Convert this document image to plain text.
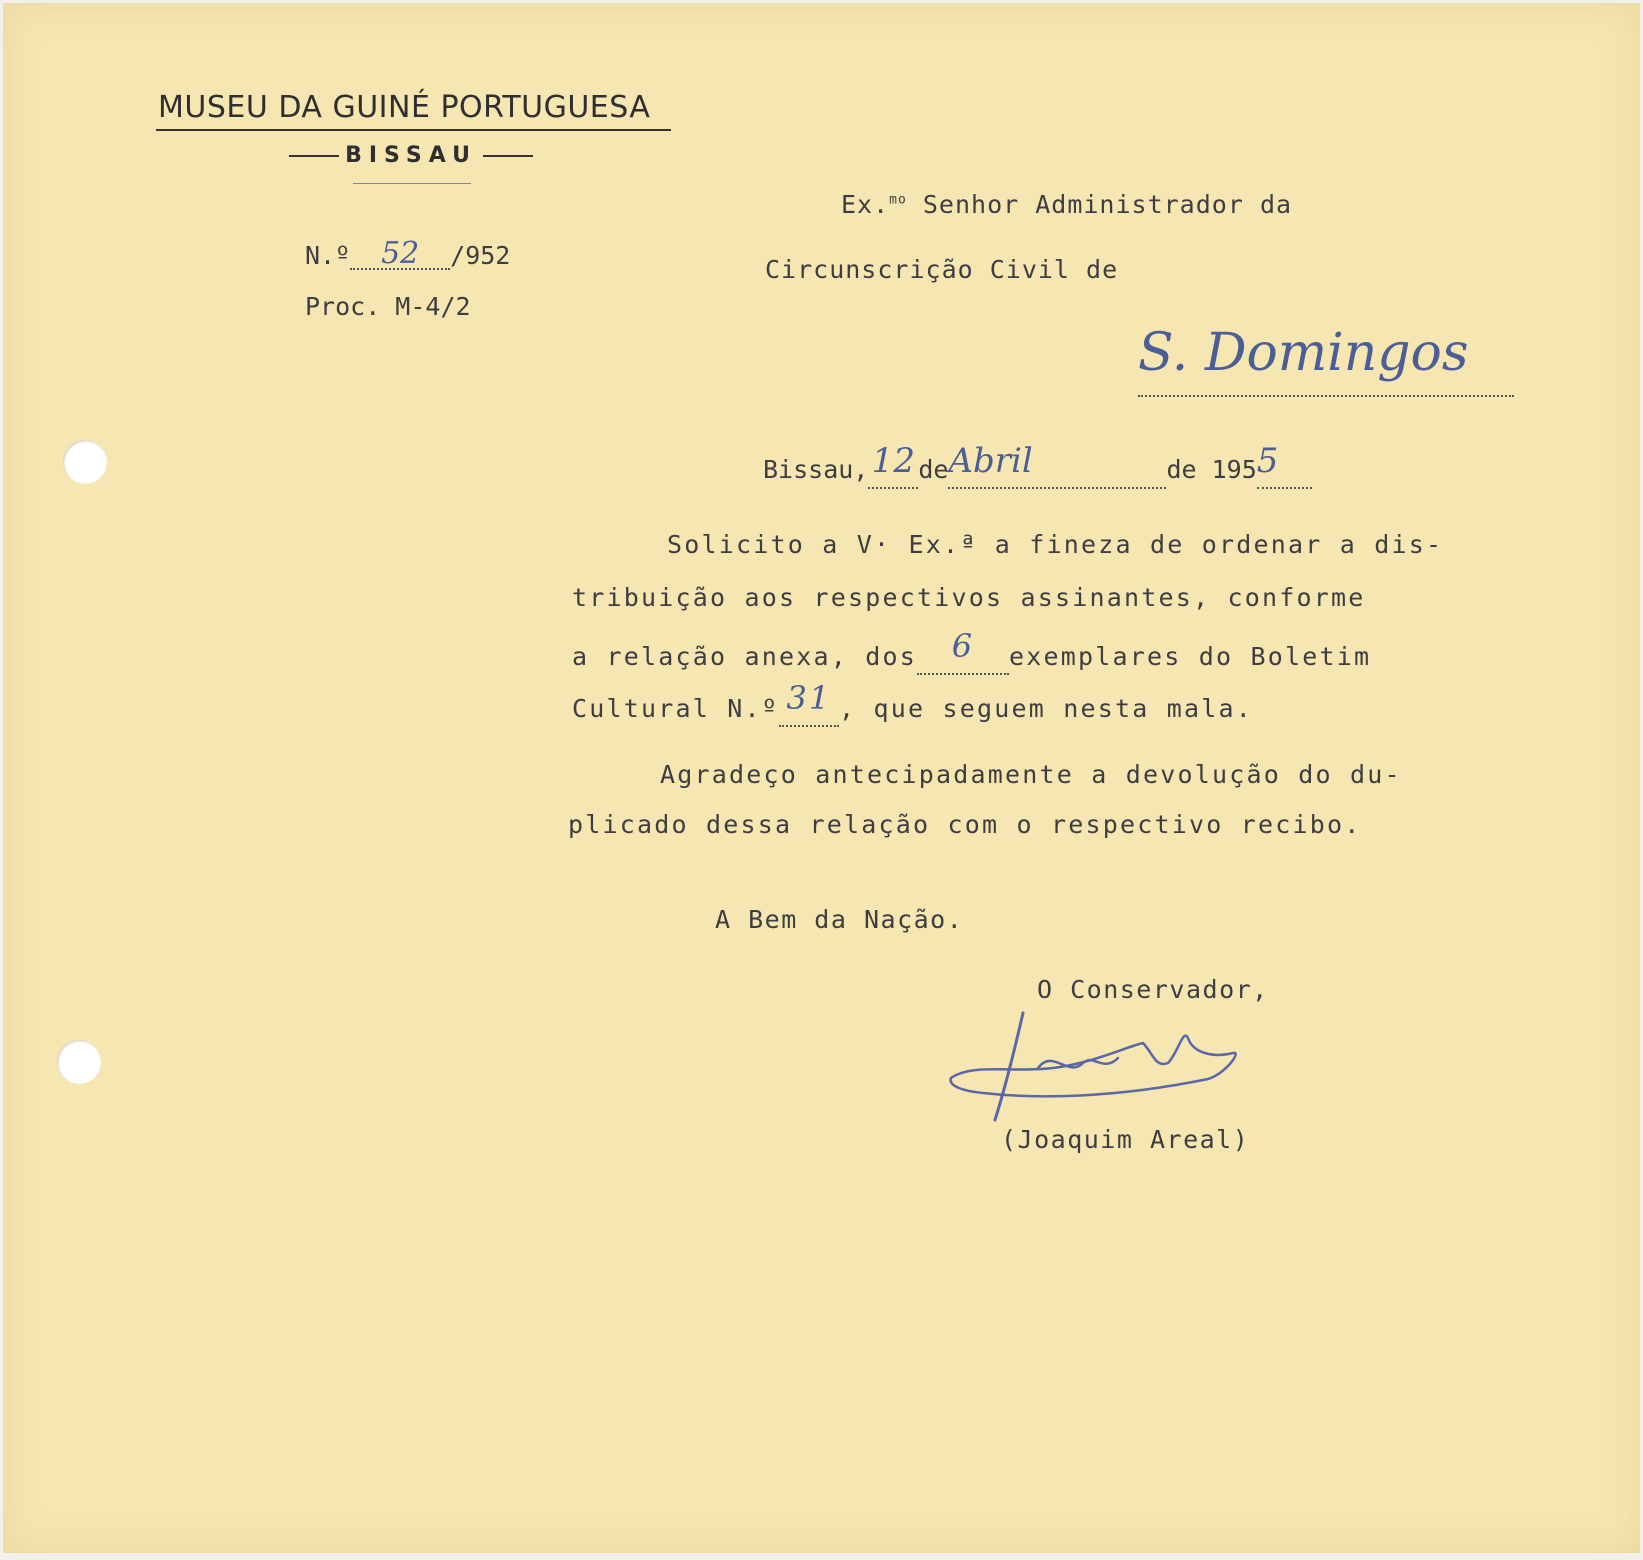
MUSEU DA GUINÉ PORTUGUESA
BISSAU
N.º 52 /952
Proc. M-4/2
Ex.$^{mo}$ Senhor Administrador da
Circunscrição Civil de
S. Domingos
Bissau,12 deAbril	de 1955
Solicito a V· Ex.ª a fineza de ordenar a dis-
tribuição aos respectivos assinantes, conforme
a relação anexa, dos 6 exemplares do Boletim
Cultural N.º 31 , que seguem nesta mala.
Agradeço antecipadamente a devolução do du-
plicado dessa relação com o respectivo recibo.
A Bem da Nação.
O Conservador,
(Joaquim Areal)
